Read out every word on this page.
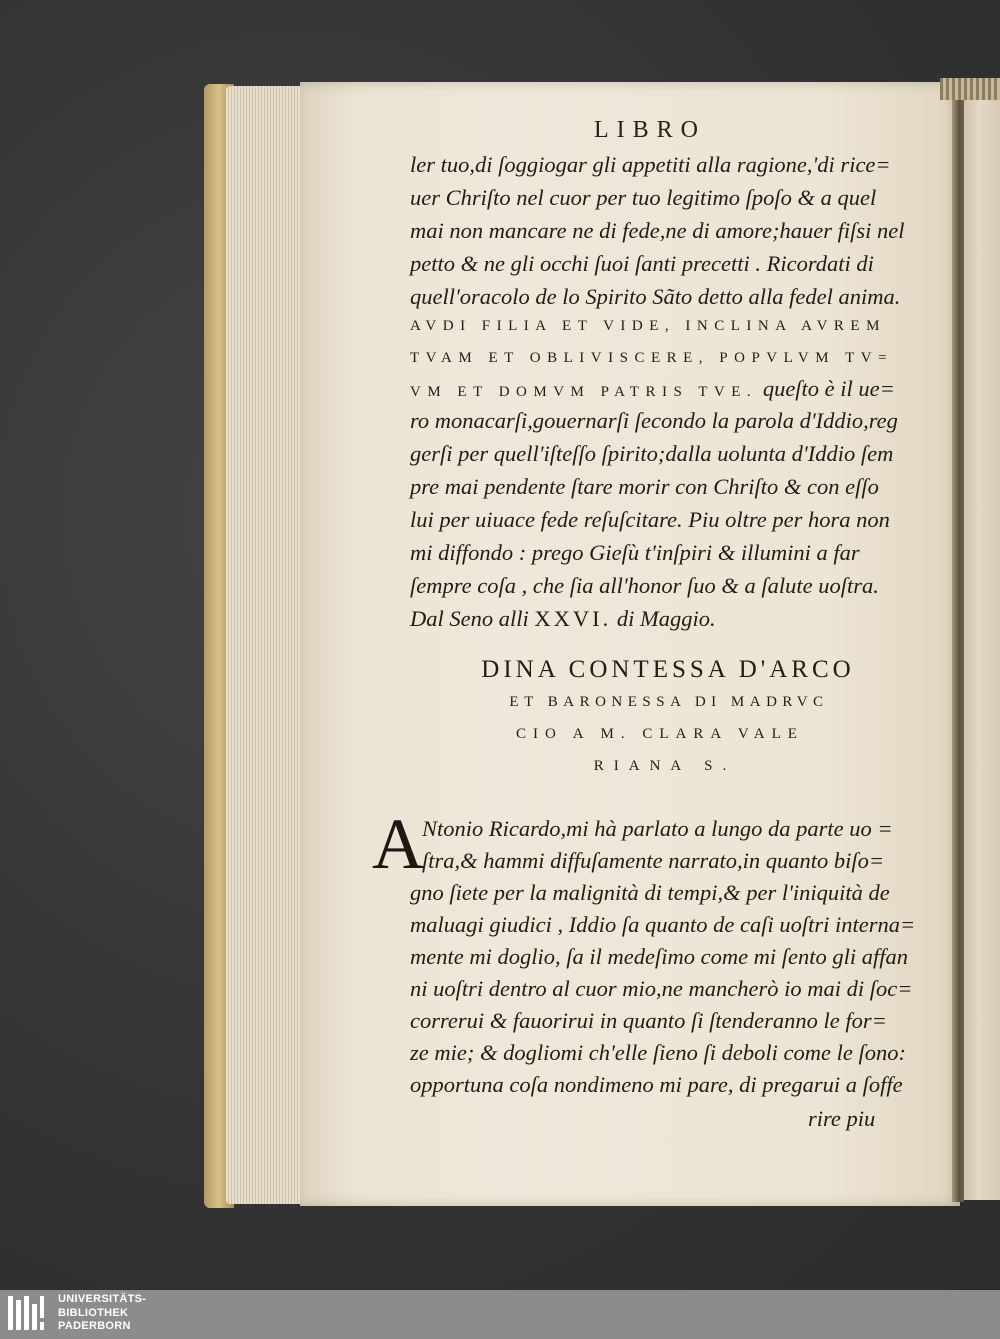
LIBRO
ler tuo,di ſoggiogar gli appetiti alla ragione,'di rice=
uer Chriſto nel cuor per tuo legitimo ſpoſo & a quel
mai non mancare ne di fede,ne di amore;hauer fiſsi nel
petto & ne gli occhi ſuoi ſanti precetti . Ricordati di
quell'oracolo de lo Spirito Sãto detto alla fedel anima.
AVDI FILIA ET VIDE, INCLINA AVREM
TVAM ET OBLIVISCERE, POPVLVM TV=
VM ET DOMVM PATRIS TVE. queſto è il ue=
ro monacarſi,gouernarſi ſecondo la parola d'Iddio,reg
gerſi per quell'iſteſſo ſpirito;dalla uolunta d'Iddio ſem
pre mai pendente ſtare morir con Chriſto & con eſſo
lui per uiuace fede reſuſcitare. Piu oltre per hora non
mi diffondo : prego Gieſù t'inſpiri & illumini a far
ſempre coſa , che ſia all'honor ſuo & a ſalute uoſtra.
Dal Seno alli XXVI. di Maggio.
DINA CONTESSA D'ARCO
ET BARONESSA DI MADRVC
CIO A M. CLARA VALE
RIANA S.
A
Ntonio Ricardo,mi hà parlato a lungo da parte uo =
ſtra,& hammi diffuſamente narrato,in quanto biſo=
gno ſiete per la malignità di tempi,& per l'iniquità de
maluagi giudici , Iddio ſa quanto de caſi uoſtri interna=
mente mi doglio, ſa il medeſimo come mi ſento gli affan
ni uoſtri dentro al cuor mio,ne mancherò io mai di ſoc=
correrui & fauorirui in quanto ſi ſtenderanno le for=
ze mie; & dogliomi ch'elle ſieno ſi deboli come le ſono:
opportuna coſa nondimeno mi pare, di pregarui a ſoffe
rire piu
UNIVERSITÄTS-
BIBLIOTHEK
PADERBORN
